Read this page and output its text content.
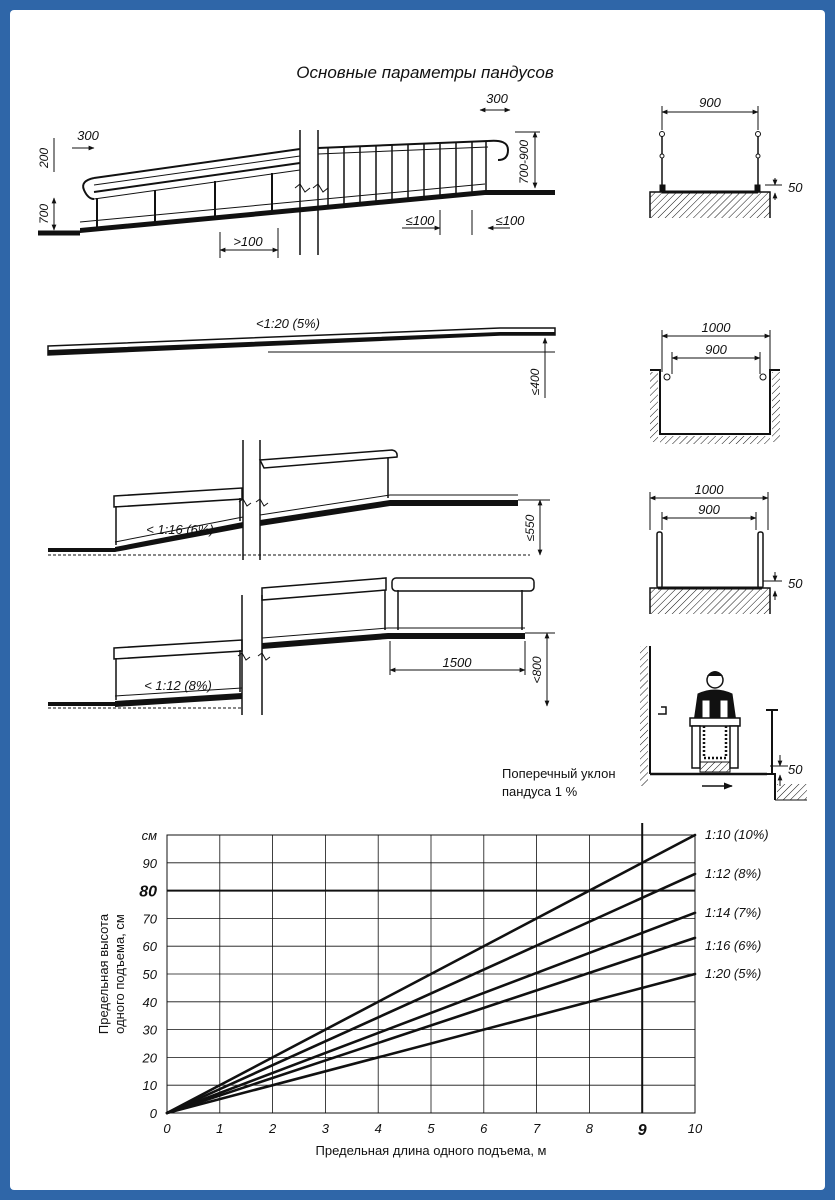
Основные параметры пандусов
200
300
700
300
700-900
>100
≤100	≤100
<1:20 (5%)
≤400
< 1:16 (6%)	≤550
< 1:12 (8%)
1500	<800
900
50
1000
900
1000
900
50
50
Поперечный уклон
пандуса 1 %
0	1	2	3	4	5	6	7	8	10
0
10
20
30
40
50
60
70
90
80
9
см	1:10 (10%)
1:12 (8%)
1:14 (7%)
1:16 (6%)
1:20 (5%)
Предельная длина одного подъема, м
Предельная высота одного подъема, см
